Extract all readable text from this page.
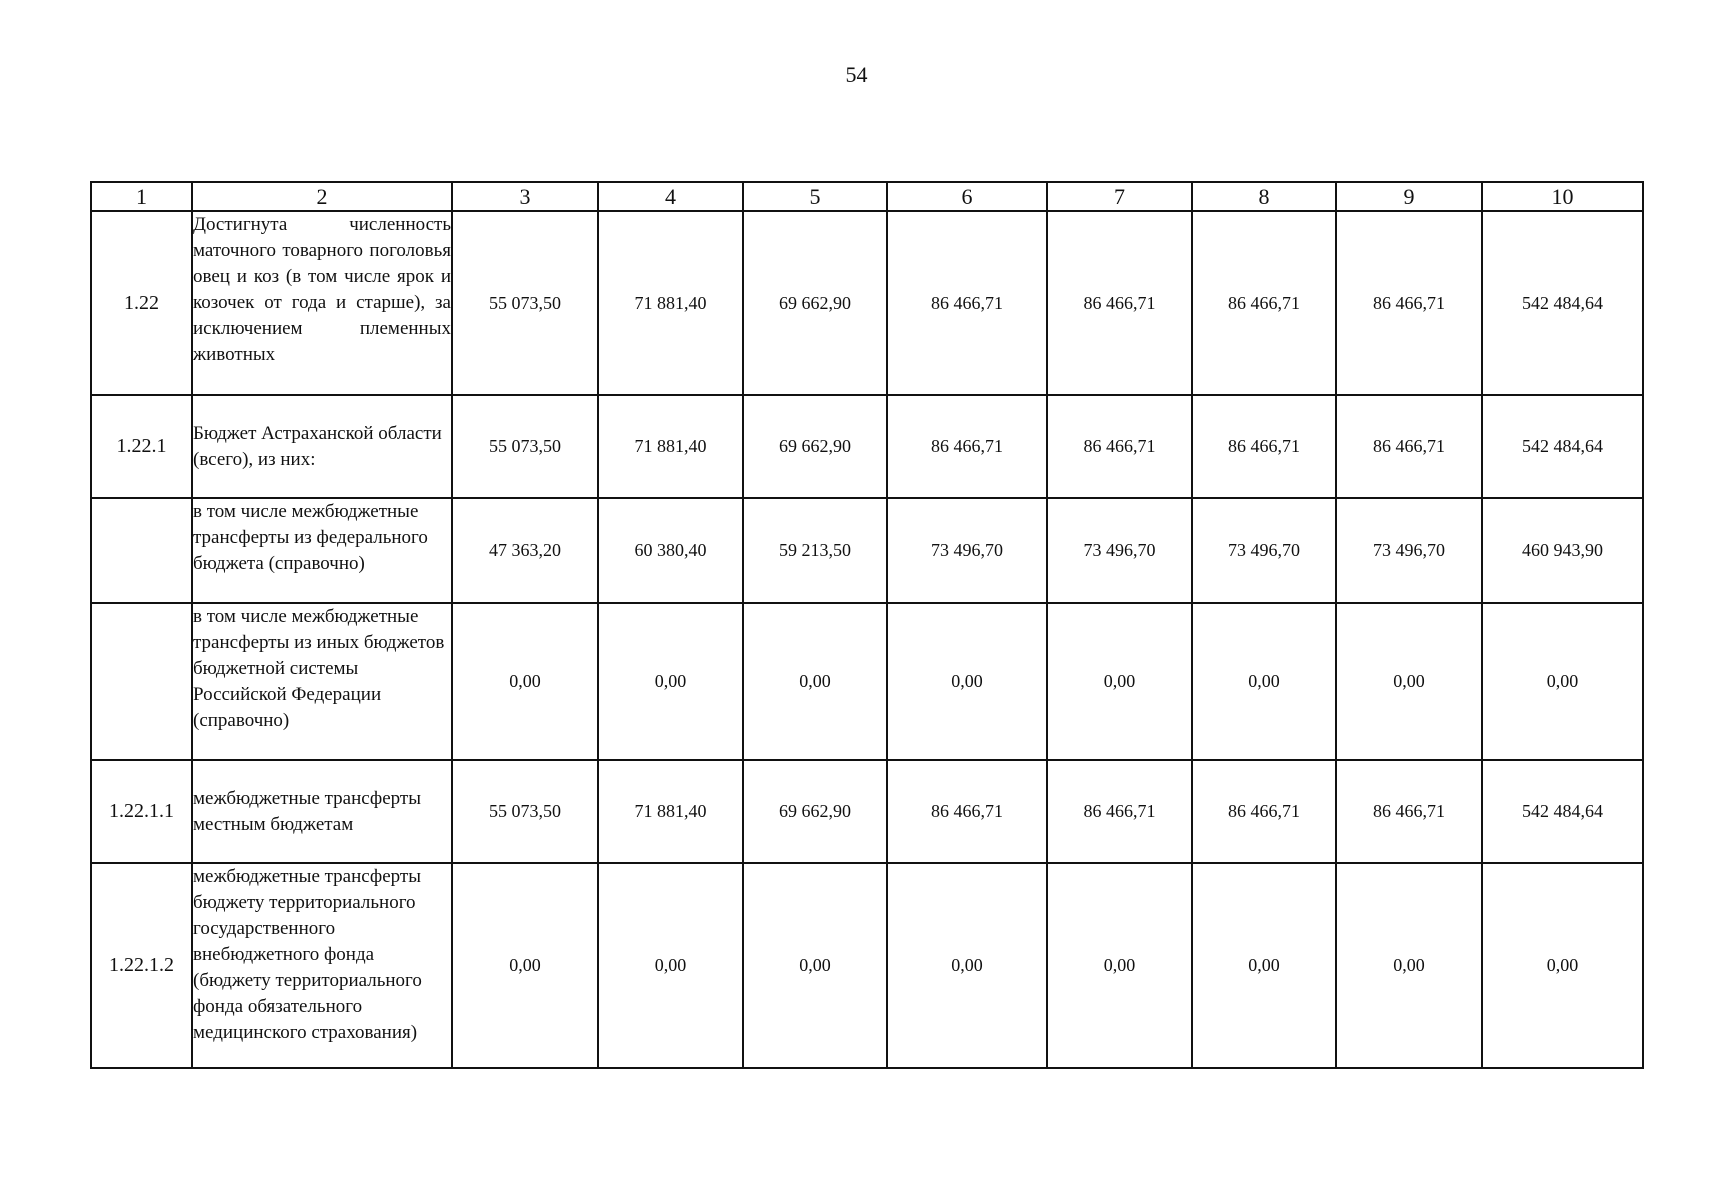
54
1	2	3	4	5	6	7	8	9	10
1.22	Достигнута численность маточного товарного поголовья овец и коз (в том числе ярок и козочек от года и старше), за исключением племенных животных	55 073,50	71 881,40	69 662,90	86 466,71	86 466,71	86 466,71	86 466,71	542 484,64
1.22.1	Бюджет Астраханской области (всего), из них:	55 073,50	71 881,40	69 662,90	86 466,71	86 466,71	86 466,71	86 466,71	542 484,64
	в том числе межбюджетные трансферты из федерального бюджета (справочно)	47 363,20	60 380,40	59 213,50	73 496,70	73 496,70	73 496,70	73 496,70	460 943,90
	в том числе межбюджетные трансферты из иных бюджетов бюджетной системы Российской Федерации (справочно)	0,00	0,00	0,00	0,00	0,00	0,00	0,00	0,00
1.22.1.1	межбюджетные трансферты местным бюджетам	55 073,50	71 881,40	69 662,90	86 466,71	86 466,71	86 466,71	86 466,71	542 484,64
1.22.1.2	межбюджетные трансферты бюджету территориального государственного внебюджетного фонда (бюджету территориального фонда обязательного медицинского страхования)	0,00	0,00	0,00	0,00	0,00	0,00	0,00	0,00
